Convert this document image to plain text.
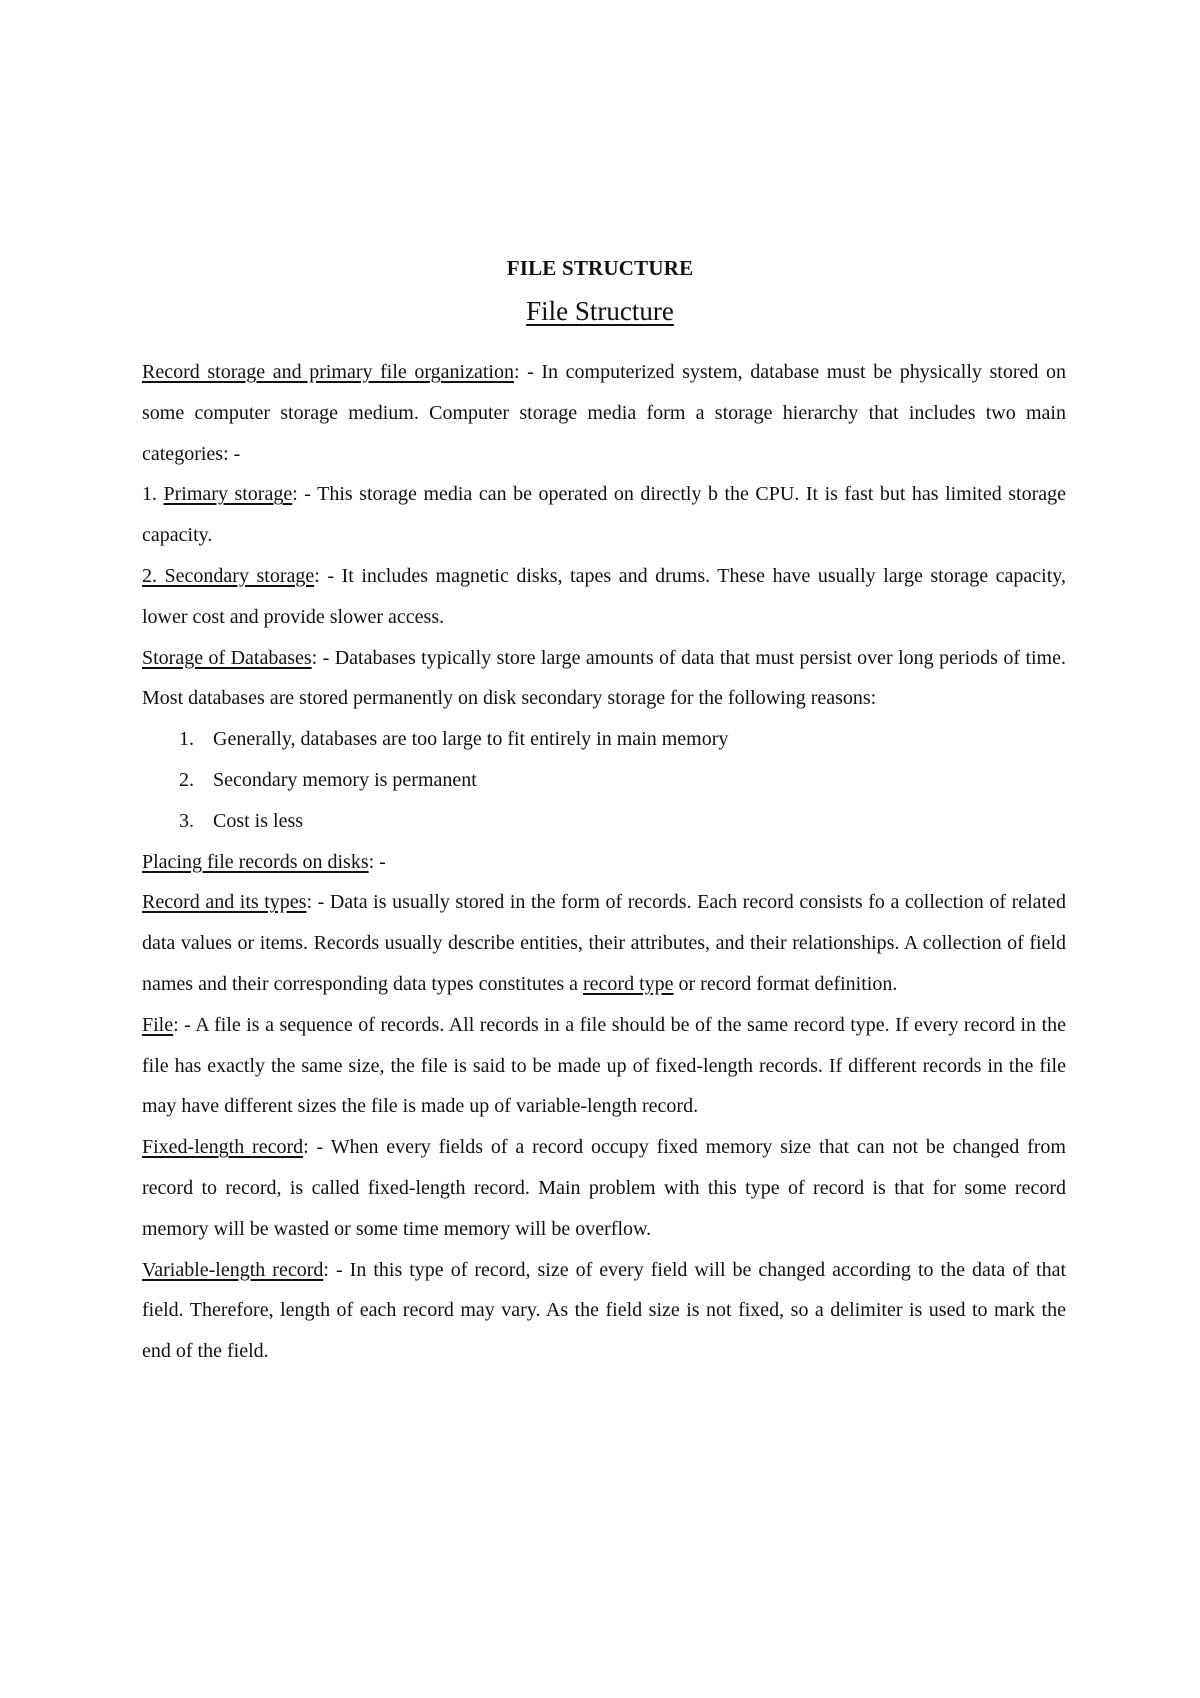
FILE STRUCTURE
File Structure

Record storage and primary file organization: - In computerized system, database must be physically stored on some computer storage medium. Computer storage media form a storage hierarchy that includes two main categories: -

1. Primary storage: - This storage media can be operated on directly b the CPU. It is fast but has limited storage capacity.

2. Secondary storage: - It includes magnetic disks, tapes and drums. These have usually large storage capacity, lower cost and provide slower access.

Storage of Databases: - Databases typically store large amounts of data that must persist over long periods of time. Most databases are stored permanently on disk secondary storage for the following reasons:

1. Generally, databases are too large to fit entirely in main memory
2. Secondary memory is permanent
3. Cost is less

Placing file records on disks: -

Record and its types: - Data is usually stored in the form of records. Each record consists fo a collection of related data values or items. Records usually describe entities, their attributes, and their relationships. A collection of field names and their corresponding data types constitutes a record type or record format definition.

File: - A file is a sequence of records. All records in a file should be of the same record type. If every record in the file has exactly the same size, the file is said to be made up of fixed-length records. If different records in the file may have different sizes the file is made up of variable-length record.

Fixed-length record: - When every fields of a record occupy fixed memory size that can not be changed from record to record, is called fixed-length record. Main problem with this type of record is that for some record memory will be wasted or some time memory will be overflow.

Variable-length record: - In this type of record, size of every field will be changed according to the data of that field. Therefore, length of each record may vary. As the field size is not fixed, so a delimiter is used to mark the end of the field.
